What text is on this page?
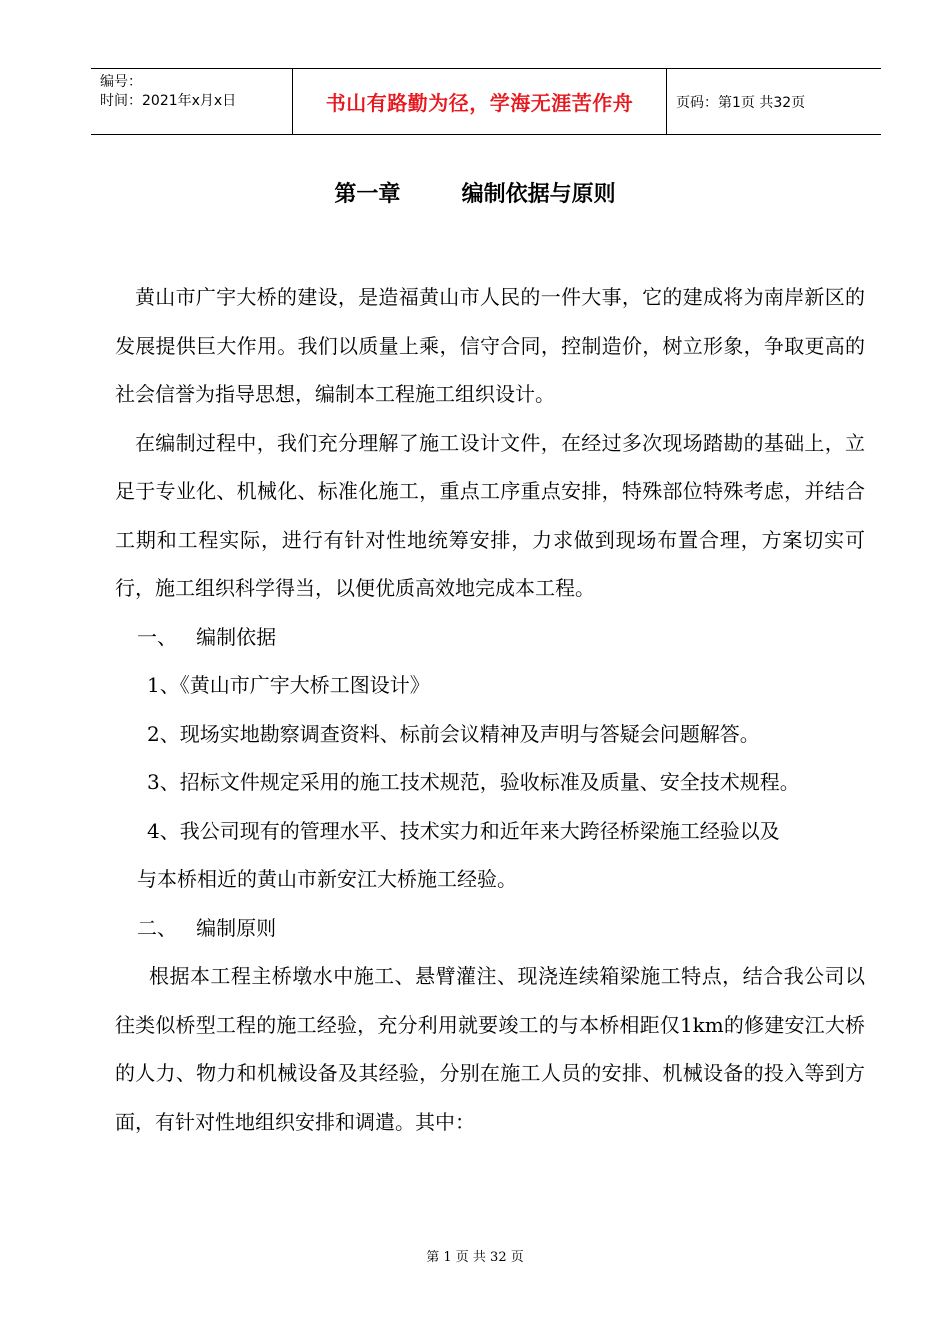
编号：
时间：2021年x月x日	书山有路勤为径，学海无涯苦作舟	页码：第1页 共32页
第一章        编制依据与原则

黄山市广宇大桥的建设，是造福黄山市人民的一件大事，它的建成将为南岸新区的发展提供巨大作用。我们以质量上乘，信守合同，控制造价，树立形象，争取更高的社会信誉为指导思想，编制本工程施工组织设计。

在编制过程中，我们充分理解了施工设计文件，在经过多次现场踏勘的基础上，立足于专业化、机械化、标准化施工，重点工序重点安排，特殊部位特殊考虑，并结合工期和工程实际，进行有针对性地统筹安排，力求做到现场布置合理，方案切实可行，施工组织科学得当，以便优质高效地完成本工程。

一、   编制依据

1、《黄山市广宇大桥工图设计》

2、现场实地勘察调查资料、标前会议精神及声明与答疑会问题解答。

3、招标文件规定采用的施工技术规范，验收标准及质量、安全技术规程。

4、我公司现有的管理水平、技术实力和近年来大跨径桥梁施工经验以及

与本桥相近的黄山市新安江大桥施工经验。

二、   编制原则

根据本工程主桥墩水中施工、悬臂灌注、现浇连续箱梁施工特点，结合我公司以往类似桥型工程的施工经验，充分利用就要竣工的与本桥相距仅1km的修建安江大桥的人力、物力和机械设备及其经验，分别在施工人员的安排、机械设备的投入等到方面，有针对性地组织安排和调遣。其中：

第 1 页 共 32 页
